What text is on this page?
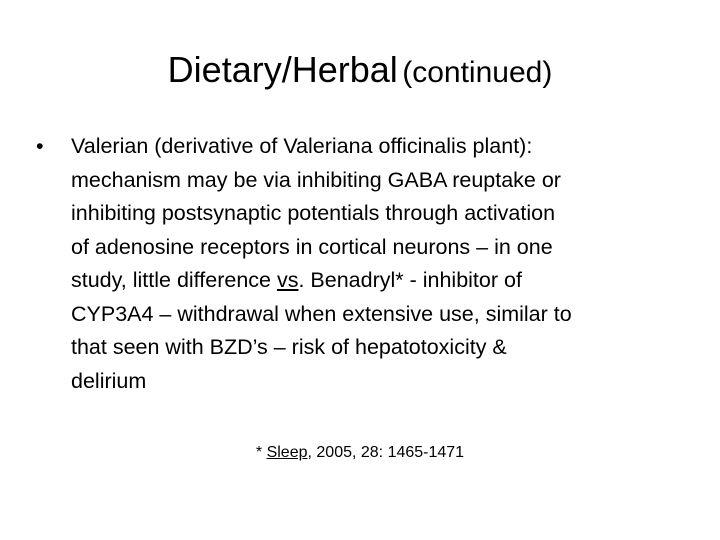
Dietary/Herbal (continued)
•	Valerian (derivative of Valeriana officinalis plant):
mechanism may be via inhibiting GABA reuptake or
inhibiting postsynaptic potentials through activation
of adenosine receptors in cortical neurons – in one
study, little difference vs. Benadryl* - inhibitor of
CYP3A4 – withdrawal when extensive use, similar to
that seen with BZD’s – risk of hepatotoxicity &
delirium
* Sleep, 2005, 28: 1465-1471
